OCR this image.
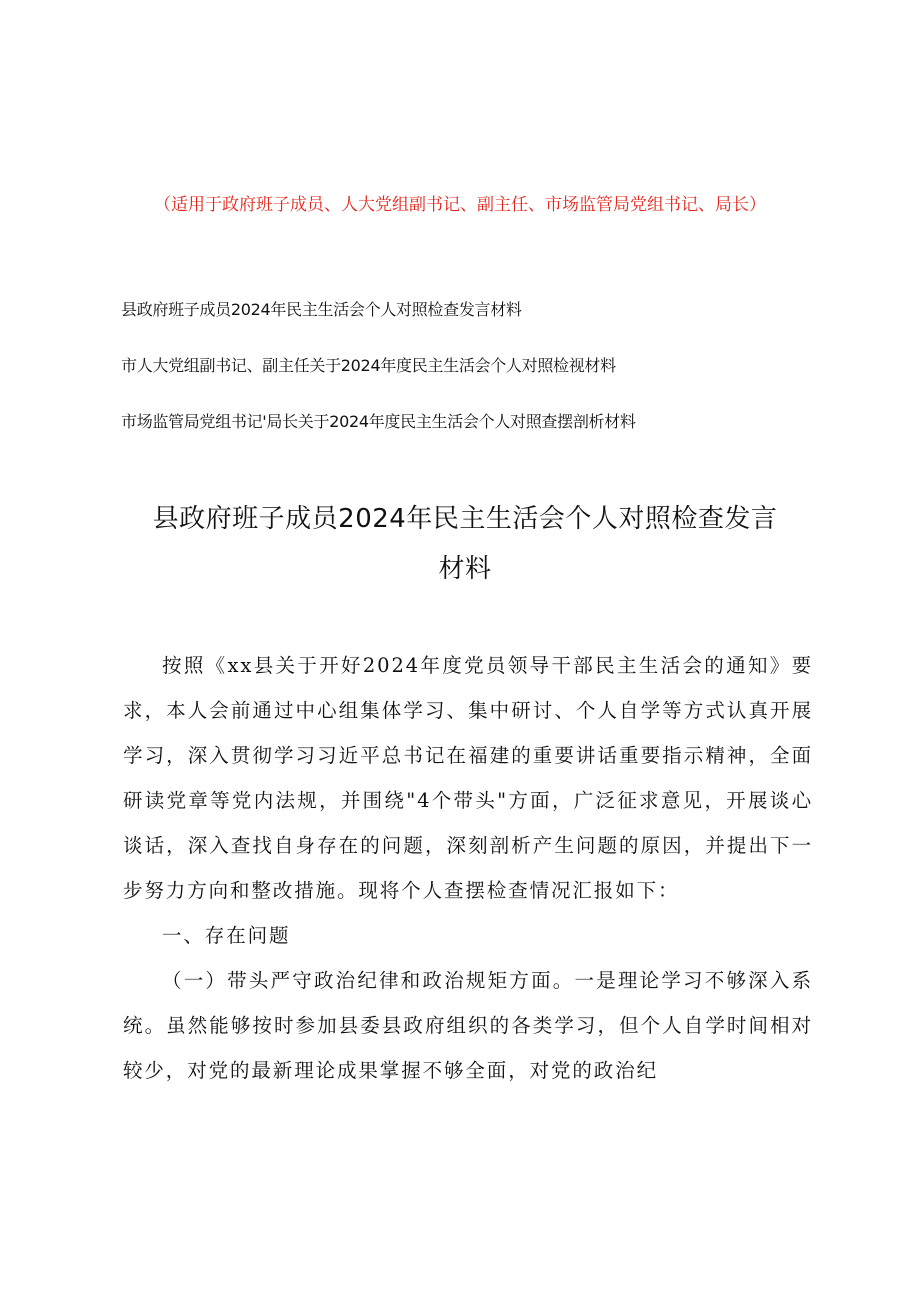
（适用于政府班子成员、人大党组副书记、副主任、市场监管局党组书记、局长）
县政府班子成员2024年民主生活会个人对照检查发言材料
市人大党组副书记、副主任关于2024年度民主生活会个人对照检视材料
市场监管局党组书记'局长关于2024年度民主生活会个人对照查摆剖析材料
县政府班子成员2024年民主生活会个人对照检查发言材料

按照《xx县关于开好2024年度党员领导干部民主生活会的通知》要求，本人会前通过中心组集体学习、集中研讨、个人自学等方式认真开展学习，深入贯彻学习习近平总书记在福建的重要讲话重要指示精神，全面研读党章等党内法规，并围绕"4个带头"方面，广泛征求意见，开展谈心谈话，深入查找自身存在的问题，深刻剖析产生问题的原因，并提出下一步努力方向和整改措施。现将个人查摆检查情况汇报如下：

一、存在问题

（一）带头严守政治纪律和政治规矩方面。一是理论学习不够深入系统。虽然能够按时参加县委县政府组织的各类学习，但个人自学时间相对较少，对党的最新理论成果掌握不够全面，对党的政治纪
